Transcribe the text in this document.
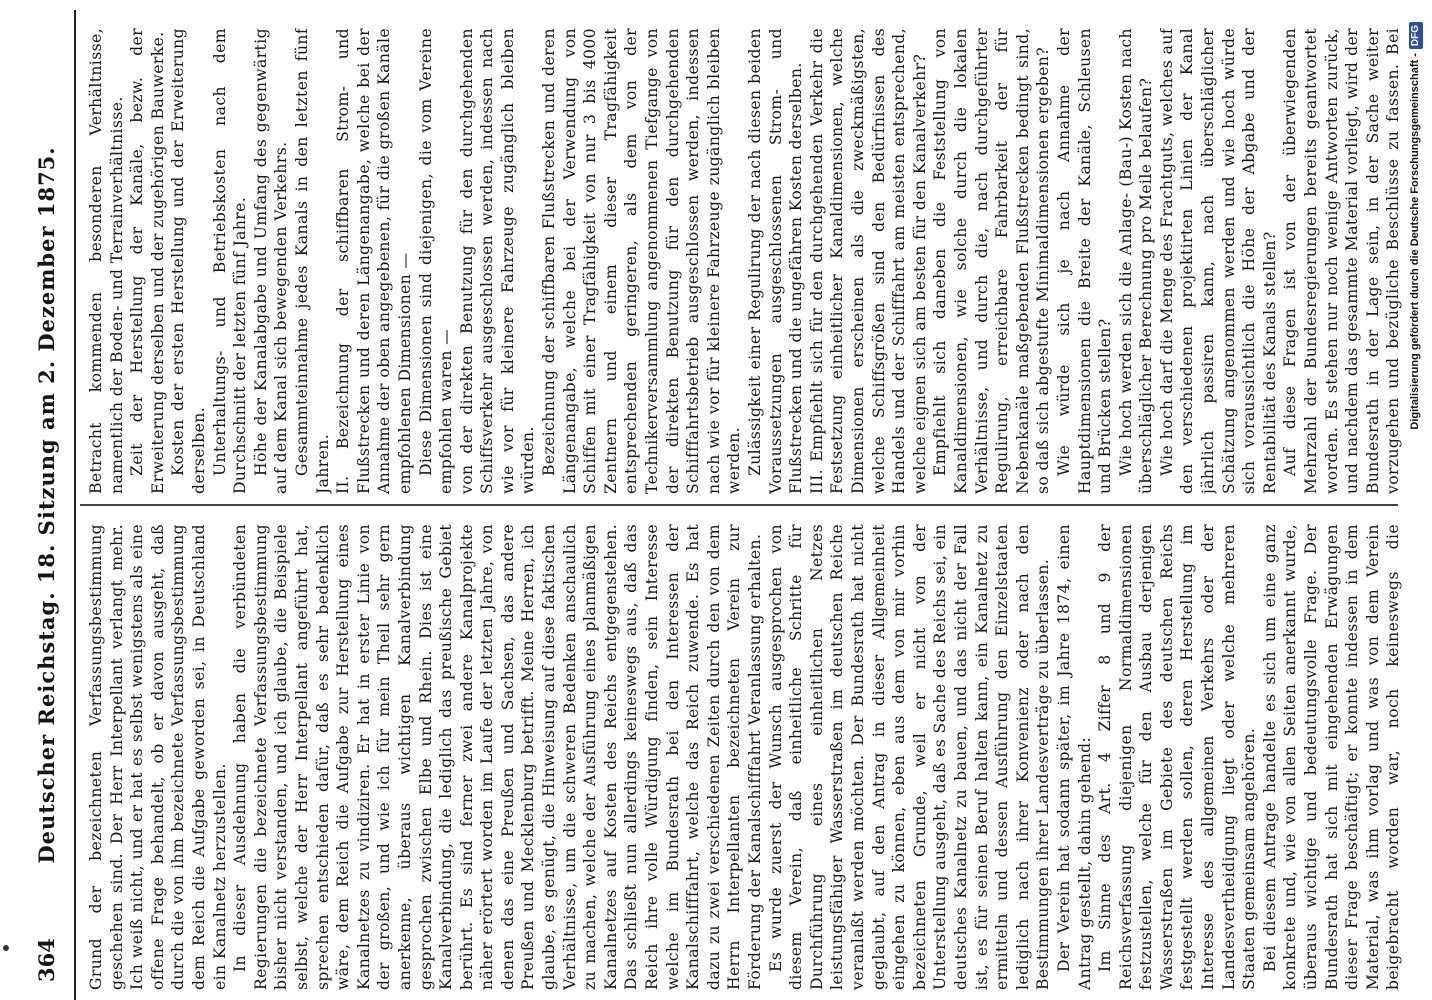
364
Deutscher Reichstag. 18. Sitzung am 2. Dezember 1875. Grund der bezeichneten Verfassungsbestimmung geschehen sind. Der Herr Interpellant verlangt mehr. Ich weiß nicht, und er hat es selbst wenigstens als eine offene Frage behandelt, ob er davon ausgeht, daß durch die von ihm bezeichnete Verfassungsbestimmung dem Reich die Aufgabe geworden sei, in Deutschland ein Kanalnetz herzustellen. In dieser Ausdehnung haben die verbündeten Regierungen die bezeichnete Verfassungsbestimmung bisher nicht verstanden, und ich glaube, die Beispiele selbst, welche der Herr Interpellant angeführt hat, sprechen entschieden dafür, daß es sehr bedenklich wäre, dem Reich die Aufgabe zur Herstellung eines Kanalnetzes zu vindiziren. Er hat in erster Linie von der großen, und wie ich für mein Theil sehr gern anerkenne, überaus wichtigen Kanalverbindung gesprochen zwischen Elbe und Rhein. Dies ist eine Kanalverbindung, die lediglich das preußische Gebiet berührt. Es sind ferner zwei andere Kanalprojekte näher erörtert worden im Laufe der letzten Jahre, von denen das eine Preußen und Sachsen, das andere Preußen und Mecklenburg betrifft. Meine Herren, ich glaube, es genügt, die Hinweisung auf diese faktischen Verhältnisse, um die schweren Bedenken anschaulich zu machen, welche der Ausführung eines planmäßigen Kanalnetzes auf Kosten des Reichs entgegenstehen. Das schließt nun allerdings keineswegs aus, daß das Reich ihre volle Würdigung finden, sein Interesse welche im Bundesrath bei den Interessen der Kanalschifffahrt, welche das Reich zuwende. Es hat dazu zu zwei verschiedenen Zeiten durch den von dem Herrn Interpellanten bezeichneten Verein zur Förderung der Kanalschifffahrt Veranlassung erhalten. Es wurde zuerst der Wunsch ausgesprochen von diesem Verein, daß einheitliche Schritte für Durchführung eines einheitlichen Netzes leistungsfähiger Wasserstraßen im deutschen Reiche veranlaßt werden möchten. Der Bundesrath hat nicht geglaubt, auf den Antrag in dieser Allgemeinheit eingehen zu können, eben aus dem von mir vorhin bezeichneten Grunde, weil er nicht von der Unterstellung ausgeht, daß es Sache des Reichs sei, ein deutsches Kanalnetz zu bauen, und das nicht der Fall ist, es für seinen Beruf halten kann, ein Kanalnetz zu ermitteln und dessen Ausführung den Einzelstaaten lediglich nach ihrer Konvenienz oder nach den Bestimmungen ihrer Landesverträge zu überlassen. Der Verein hat sodann später, im Jahre 1874, einen Antrag gestellt, dahin gehend: Im Sinne des Art. 4 Ziffer 8 und 9 der Reichsverfassung diejenigen Normaldimensionen festzustellen, welche für den Ausbau derjenigen Wasserstraßen im Gebiete des deutschen Reichs festgestellt werden sollen, deren Herstellung im Interesse des allgemeinen Verkehrs oder der Landesvertheidigung liegt oder welche mehreren Staaten gemeinsam angehören. Bei diesem Antrage handelte es sich um eine ganz konkrete und, wie von allen Seiten anerkannt wurde, überaus wichtige und bedeutungsvolle Frage. Der Bundesrath hat sich mit eingehenden Erwägungen dieser Frage beschäftigt; er konnte indessen in dem Material, was ihm vorlag und was von dem Verein beigebracht worden war, noch keineswegs die

Betracht kommenden besonderen Verhältnisse, namentlich der Boden- und Terrainverhältnisse. Zeit der Herstellung der Kanäle, bezw. der Erweiterung derselben und der zugehörigen Bauwerke. Kosten der ersten Herstellung und der Erweiterung derselben. Unterhaltungs- und Betriebskosten nach dem Durchschnitt der letzten fünf Jahre. Höhe der Kanalabgabe und Umfang des gegenwärtig auf dem Kanal sich bewegenden Verkehrs. Gesammteinnahme jedes Kanals in den letzten fünf Jahren. II. Bezeichnung der schiffbaren Strom- und Flußstrecken und deren Längenangabe, welche bei der Annahme der oben angegebenen, für die großen Kanäle empfohlenen Dimensionen — Diese Dimensionen sind diejenigen, die vom Vereine empfohlen waren — von der direkten Benutzung für den durchgehenden Schiffsverkehr ausgeschlossen werden, indessen nach wie vor für kleinere Fahrzeuge zugänglich bleiben würden. Bezeichnung der schiffbaren Flußstrecken und deren Längenangabe, welche bei der Verwendung von Schiffen mit einer Tragfähigkeit von nur 3 bis 4000 Zentnern und einem dieser Tragfähigkeit entsprechenden geringeren, als dem von der Technikerversammlung angenommenen Tiefgange von der direkten Benutzung für den durchgehenden Schifffahrtsbetrieb ausgeschlossen werden, indessen nach wie vor für kleinere Fahrzeuge zugänglich bleiben werden. Zulässigkeit einer Regulirung der nach diesen beiden Voraussetzungen ausgeschlossenen Strom- und Flußstrecken und die ungefähren Kosten derselben. III. Empfiehlt sich für den durchgehenden Verkehr die Festsetzung einheitlicher Kanaldimensionen, welche Dimensionen erscheinen als die zweckmäßigsten, welche Schiffsgrößen sind den Bedürfnissen des Handels und der Schifffahrt am meisten entsprechend, welche eignen sich am besten für den Kanalverkehr? Empfiehlt sich daneben die Feststellung von Kanaldimensionen, wie solche durch die lokalen Verhältnisse, und durch die, nach durchgeführter Regulirung, erreichbare Fahrbarkeit der für Nebenkanäle maßgebenden Flußstrecken bedingt sind, so daß sich abgestufte Minimaldimensionen ergeben? Wie würde sich je nach Annahme der Hauptdimensionen die Breite der Kanäle, Schleusen und Brücken stellen? Wie hoch werden sich die Anlage- (Bau-) Kosten nach überschläglicher Berechnung pro Meile belaufen? Wie hoch darf die Menge des Frachtguts, welches auf den verschiedenen projektirten Linien der Kanal jährlich passiren kann, nach überschläglicher Schätzung angenommen werden und wie hoch würde sich voraussichtlich die Höhe der Abgabe und der Rentabilität des Kanals stellen? Auf diese Fragen ist von der überwiegenden Mehrzahl der Bundesregierungen bereits geantwortet worden. Es stehen nur noch wenige Antworten zurück, und nachdem das gesammte Material vorliegt, wird der Bundesrath in der Lage sein, in der Sache weiter vorzugehen und bezügliche Beschlüsse zu fassen. Bei

Digitalisierung gefördert durch die Deutsche Forschungsgemeinschaft -DFG
